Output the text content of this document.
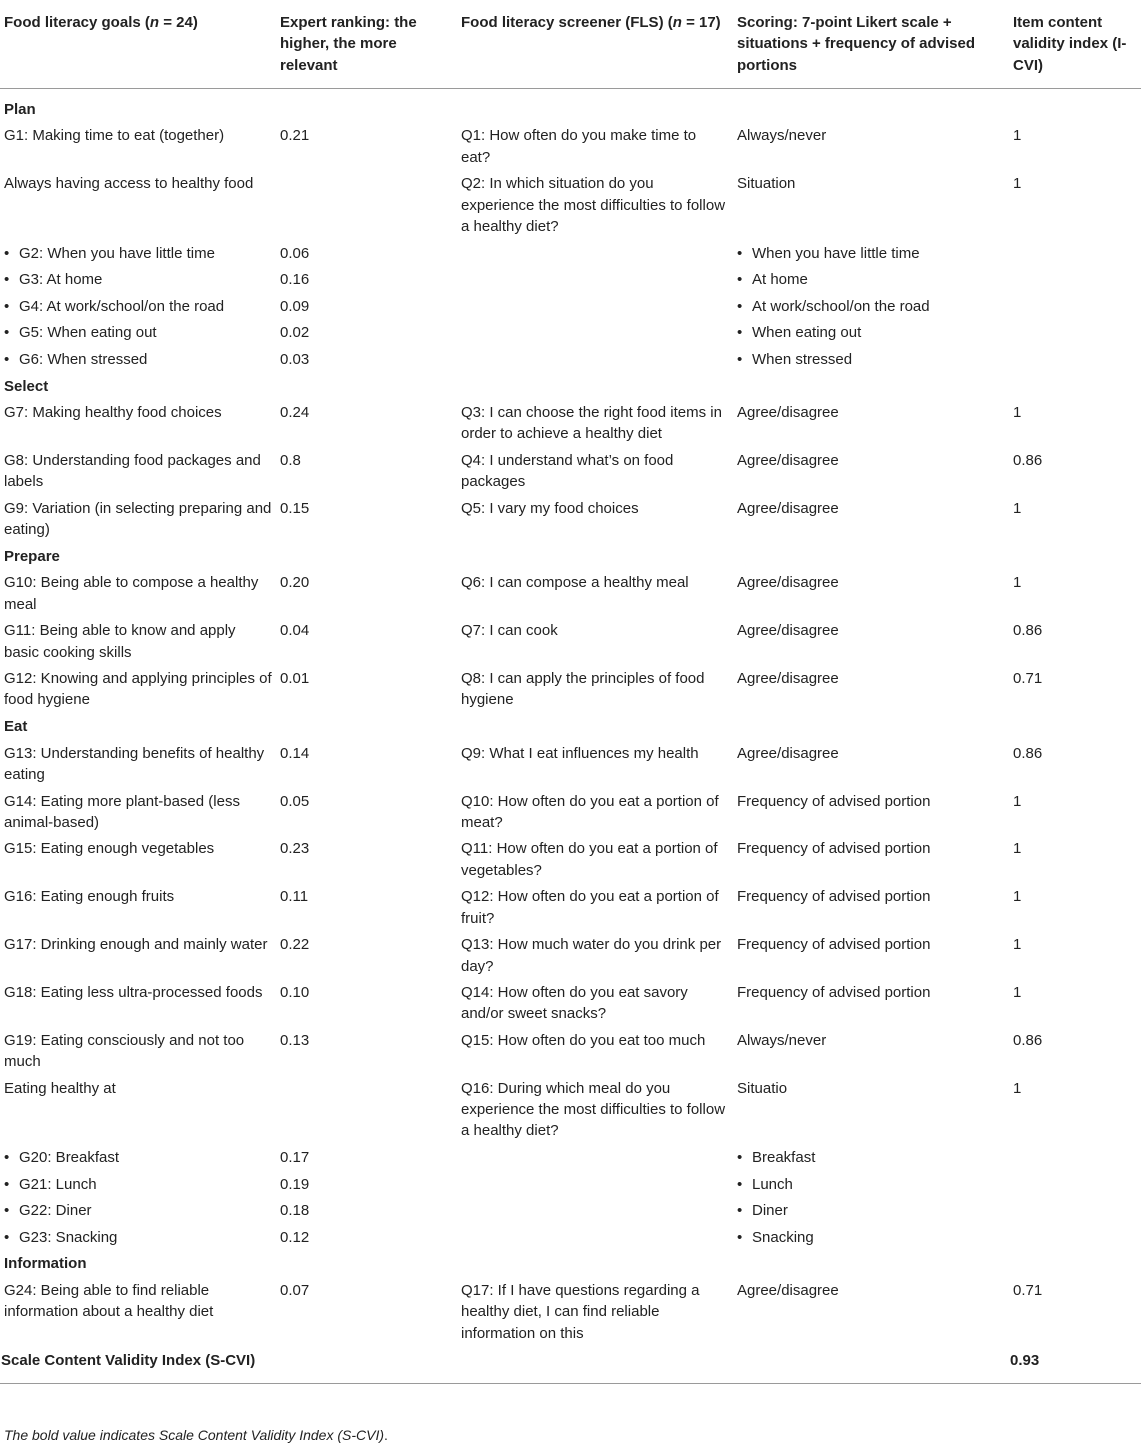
Food literacy goals (n = 24)	Expert ranking: the higher, the more relevant	Food literacy screener (FLS) (n = 17)	Scoring: 7-point Likert scale + situations + frequency of advised portions	Item content validity index (I-CVI)
Plan				
G1: Making time to eat (together)	0.21	Q1: How often do you make time to eat?	Always/never	1
Always having access to healthy food		Q2: In which situation do you experience the most difficulties to follow a healthy diet?	Situation	1

• G2: When you have little time	0.06		• When you have little time	

• G3: At home	0.16		• At home	

• G4: At work/school/on the road	0.09		• At work/school/on the road	

• G5: When eating out	0.02		• When eating out	

• G6: When stressed	0.03		• When stressed	

Select				
G7: Making healthy food choices	0.24	Q3: I can choose the right food items in order to achieve a healthy diet	Agree/disagree	1
G8: Understanding food packages and labels	0.8	Q4: I understand what’s on food packages	Agree/disagree	0.86
G9: Variation (in selecting preparing and eating)	0.15	Q5: I vary my food choices	Agree/disagree	1
Prepare				
G10: Being able to compose a healthy meal	0.20	Q6: I can compose a healthy meal	Agree/disagree	1
G11: Being able to know and apply basic cooking skills	0.04	Q7: I can cook	Agree/disagree	0.86
G12: Knowing and applying principles of food hygiene	0.01	Q8: I can apply the principles of food hygiene	Agree/disagree	0.71
Eat				
G13: Understanding benefits of healthy eating	0.14	Q9: What I eat influences my health	Agree/disagree	0.86
G14: Eating more plant-based (less animal-based)	0.05	Q10: How often do you eat a portion of meat?	Frequency of advised portion	1
G15: Eating enough vegetables	0.23	Q11: How often do you eat a portion of vegetables?	Frequency of advised portion	1
G16: Eating enough fruits	0.11	Q12: How often do you eat a portion of fruit?	Frequency of advised portion	1
G17: Drinking enough and mainly water	0.22	Q13: How much water do you drink per day?	Frequency of advised portion	1
G18: Eating less ultra-processed foods	0.10	Q14: How often do you eat savory and/or sweet snacks?	Frequency of advised portion	1
G19: Eating consciously and not too much	0.13	Q15: How often do you eat too much	Always/never	0.86
Eating healthy at		Q16: During which meal do you experience the most difficulties to follow a healthy diet?	Situatio	1

• G20: Breakfast	0.17		• Breakfast	

• G21: Lunch	0.19		• Lunch	

• G22: Diner	0.18		• Diner	

• G23: Snacking	0.12		• Snacking	

Information				
G24: Being able to find reliable information about a healthy diet	0.07	Q17: If I have questions regarding a healthy diet, I can find reliable information on this	Agree/disagree	0.71
Scale Content Validity Index (S-CVI)				0.93
The bold value indicates Scale Content Validity Index (S-CVI).
